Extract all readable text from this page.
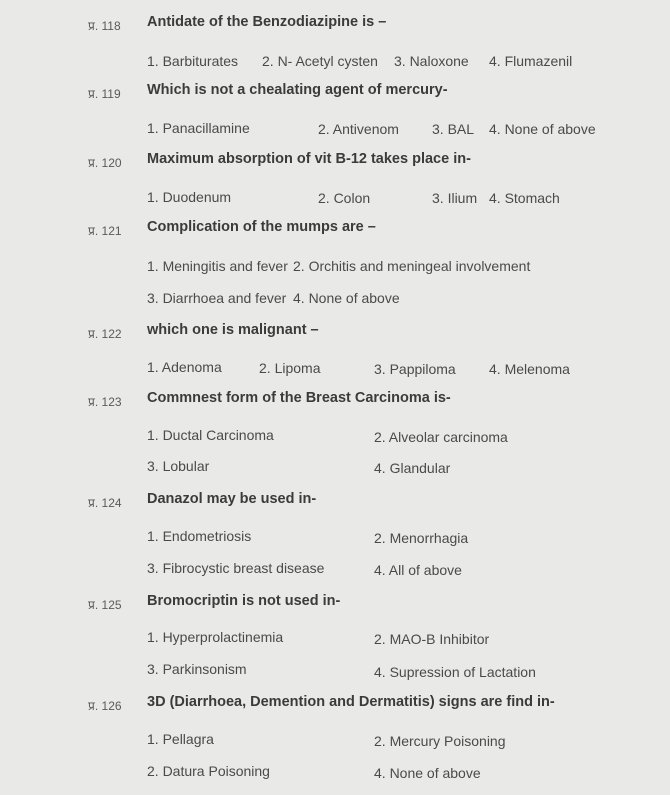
प्र. 118 Antidate of the Benzodiazipine is –
1. Barbiturates 2. N- Acetyl cysten 3. Naloxone 4. Flumazenil
प्र. 119 Which is not a chealating agent of mercury-
1. Panacillamine	2. Antivenom 3. BAL 4. None of above
प्र. 120 Maximum absorption of vit B-12 takes place in-
1. Duodenum	2. Colon	3. Ilium 4. Stomach
प्र. 121 Complication of the mumps are –
1. Meningitis and fever 2. Orchitis and meningeal involvement
3. Diarrhoea and fever 4. None of above
प्र. 122 which one is malignant –
1. Adenoma	2. Lipoma	3. Pappiloma 4. Melenoma
प्र. 123 Commnest form of the Breast Carcinoma is-
1. Ductal Carcinoma	2. Alveolar carcinoma
3. Lobular	4. Glandular
प्र. 124 Danazol may be used in-
1. Endometriosis	2. Menorrhagia
3. Fibrocystic breast disease	4. All of above
प्र. 125 Bromocriptin is not used in-
1. Hyperprolactinemia	2. MAO-B Inhibitor
3. Parkinsonism	4. Supression of Lactation
प्र. 126 3D (Diarrhoea, Demention and Dermatitis) signs are find in-
1. Pellagra	2. Mercury Poisoning
2. Datura Poisoning	4. None of above
